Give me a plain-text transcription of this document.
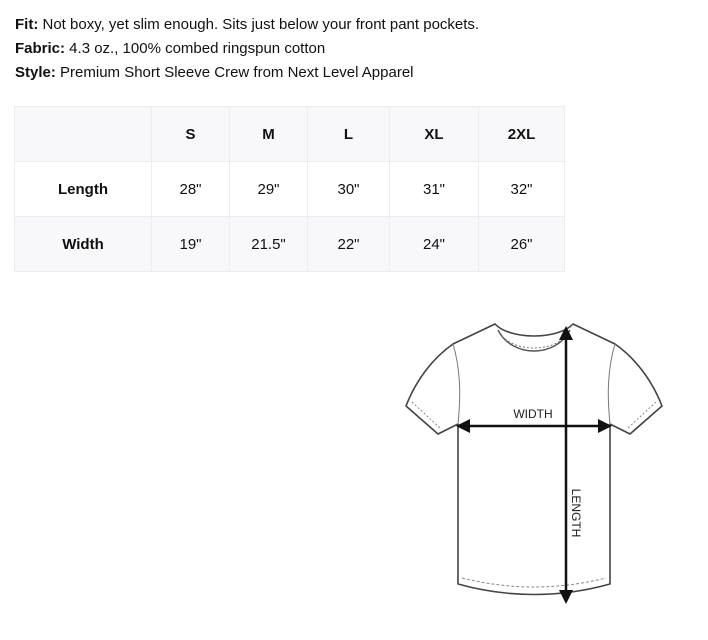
Fit: Not boxy, yet slim enough. Sits just below your front pant pockets.
Fabric: 4.3 oz., 100% combed ringspun cotton
Style: Premium Short Sleeve Crew from Next Level Apparel
	S	M	L	XL	2XL	
Length	28"	29"	30"	31"	32"	
Width	19"	21.5"	22"	24"	26"	
WIDTH
LENGTH
